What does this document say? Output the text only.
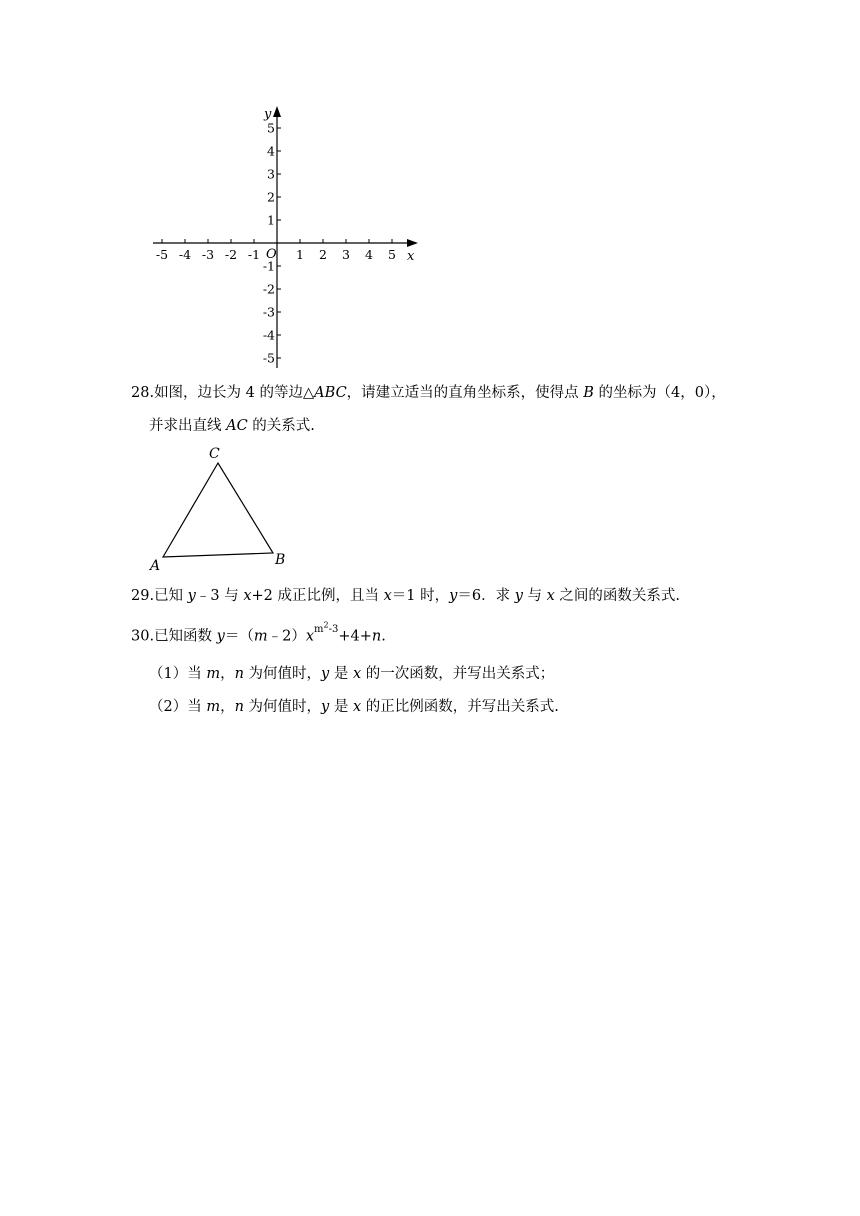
-5 -4 -3 -2 -1	1 2 3 4 5
1
2
3
4
5
-1
-2
-3
-4
-5
x
y
O
28.如图，边长为 4 的等边△ABC，请建立适当的直角坐标系，使得点 B 的坐标为（4，0），
并求出直线 AC 的关系式.
C
A	B
29.已知 y﹣3 与 x+2 成正比例，且当 x＝1 时，y＝6．求 y 与 x 之间的函数关系式.
30.已知函数 $y=(m﹣2)x^{m^2-3}+4+n$.
（1）当 m，n 为何值时，y 是 x 的一次函数，并写出关系式；
（2）当 m，n 为何值时，y 是 x 的正比例函数，并写出关系式.
